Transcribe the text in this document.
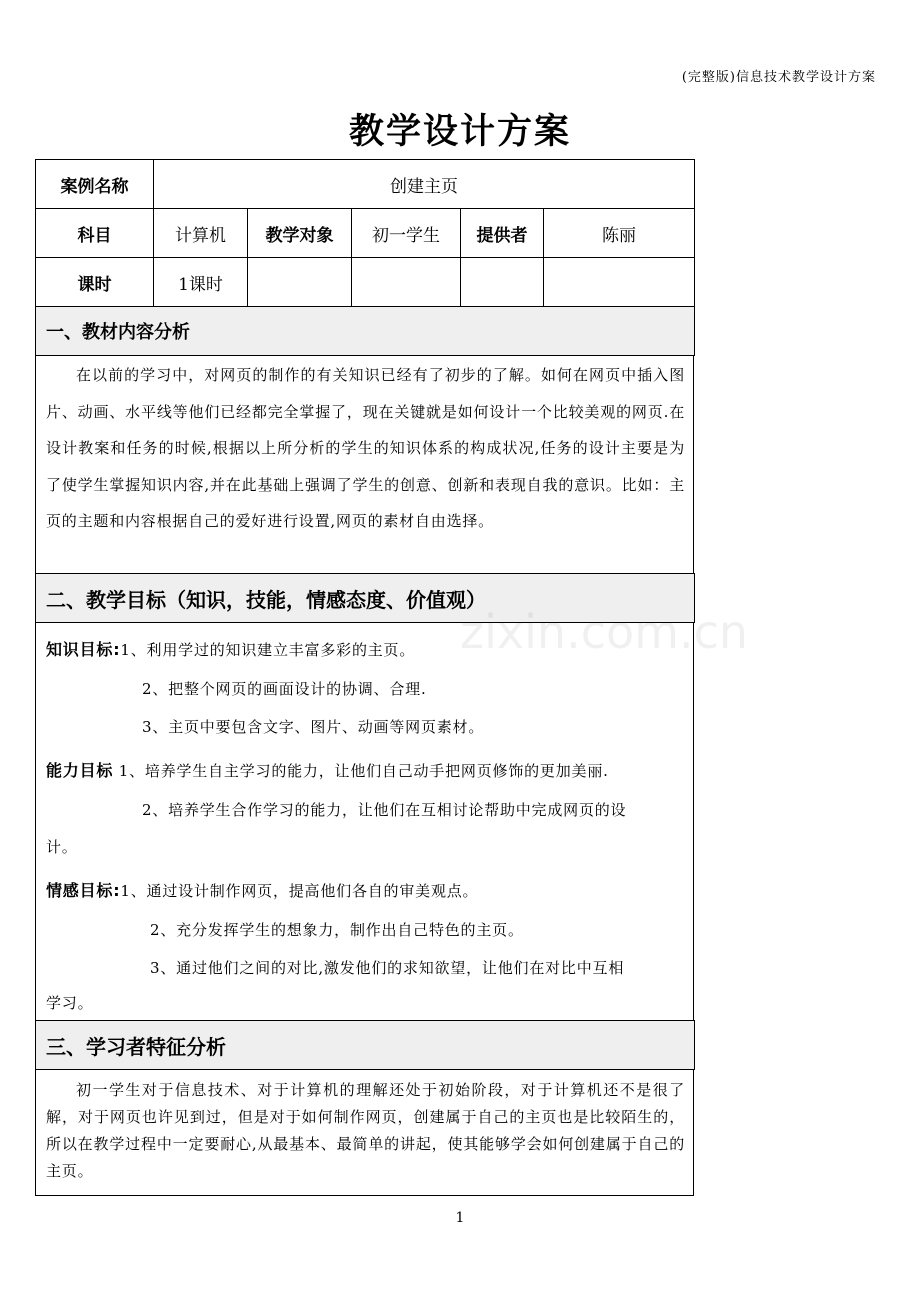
(完整版)信息技术教学设计方案
教学设计方案
案例名称	创建主页				
科目	计算机	教学对象	初一学生	提供者	陈丽
课时	1课时				
一、教材内容分析
在以前的学习中，对网页的制作的有关知识已经有了初步的了解。如何在网页中插入图片、动画、水平线等他们已经都完全掌握了，现在关键就是如何设计一个比较美观的网页.在设计教案和任务的时候,根据以上所分析的学生的知识体系的构成状况,任务的设计主要是为了使学生掌握知识内容,并在此基础上强调了学生的创意、创新和表现自我的意识。比如：主页的主题和内容根据自己的爱好进行设置,网页的素材自由选择。
二、教学目标（知识，技能，情感态度、价值观）
知识目标:1、利用学过的知识建立丰富多彩的主页。
2、把整个网页的画面设计的协调、合理.
3、主页中要包含文字、图片、动画等网页素材。
能力目标 1、培养学生自主学习的能力，让他们自己动手把网页修饰的更加美丽.
2、培养学生合作学习的能力，让他们在互相讨论帮助中完成网页的设
计。
情感目标:1、通过设计制作网页，提高他们各自的审美观点。
2、充分发挥学生的想象力，制作出自己特色的主页。
3、通过他们之间的对比,激发他们的求知欲望，让他们在对比中互相
学习。
三、学习者特征分析
初一学生对于信息技术、对于计算机的理解还处于初始阶段，对于计算机还不是很了解，对于网页也许见到过，但是对于如何制作网页，创建属于自己的主页也是比较陌生的，所以在教学过程中一定要耐心,从最基本、最简单的讲起，使其能够学会如何创建属于自己的主页。
zixin.com.cn
1
